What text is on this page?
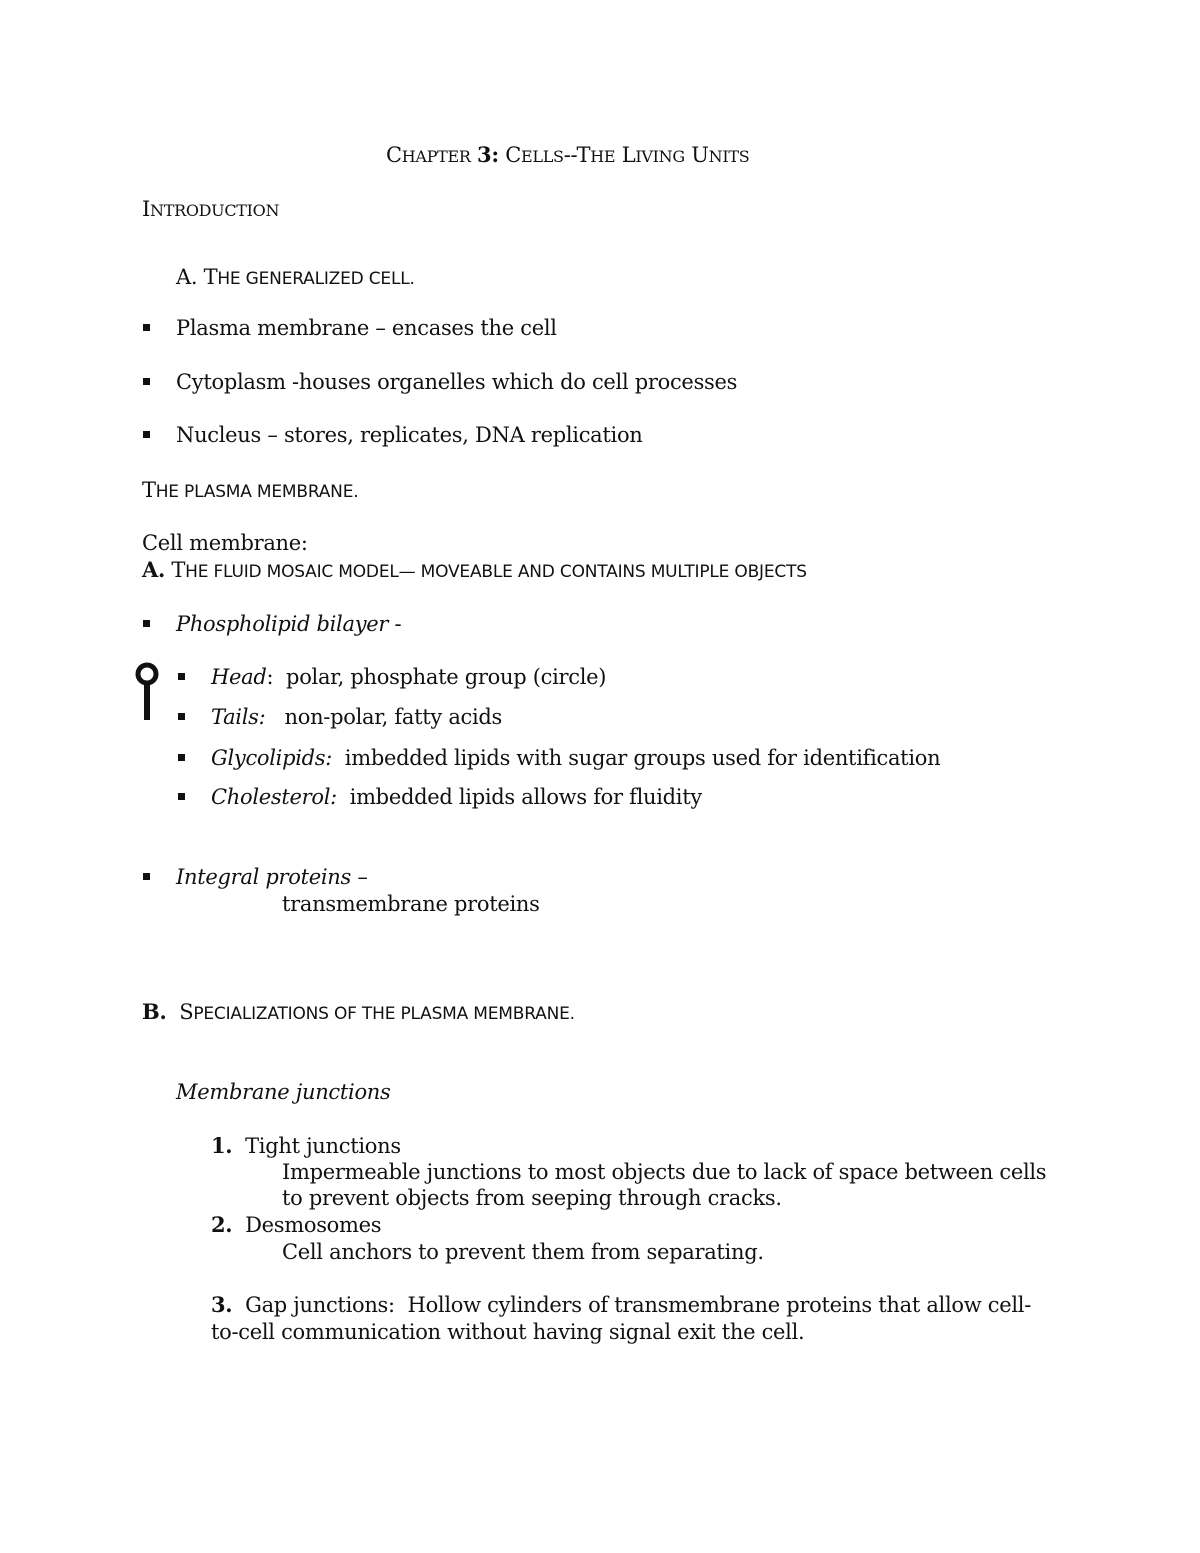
CHAPTER 3: CELLS--THE LIVING UNITS
INTRODUCTION
A. THE GENERALIZED CELL.
Plasma membrane – encases the cell
Cytoplasm -houses organelles which do cell processes
Nucleus – stores, replicates, DNA replication
THE PLASMA MEMBRANE.
Cell membrane:
A. THE FLUID MOSAIC MODEL— MOVEABLE AND CONTAINS MULTIPLE OBJECTS
Phospholipid bilayer -
Head:  polar, phosphate group (circle)
Tails:   non-polar, fatty acids
Glycolipids:  imbedded lipids with sugar groups used for identification
Cholesterol:  imbedded lipids allows for fluidity
Integral proteins –
transmembrane proteins
B. SPECIALIZATIONS OF THE PLASMA MEMBRANE.
Membrane junctions
1. Tight junctions
Impermeable junctions to most objects due to lack of space between cells
to prevent objects from seeping through cracks.
2. Desmosomes
Cell anchors to prevent them from separating.
3. Gap junctions:  Hollow cylinders of transmembrane proteins that allow cell-
to-cell communication without having signal exit the cell.
